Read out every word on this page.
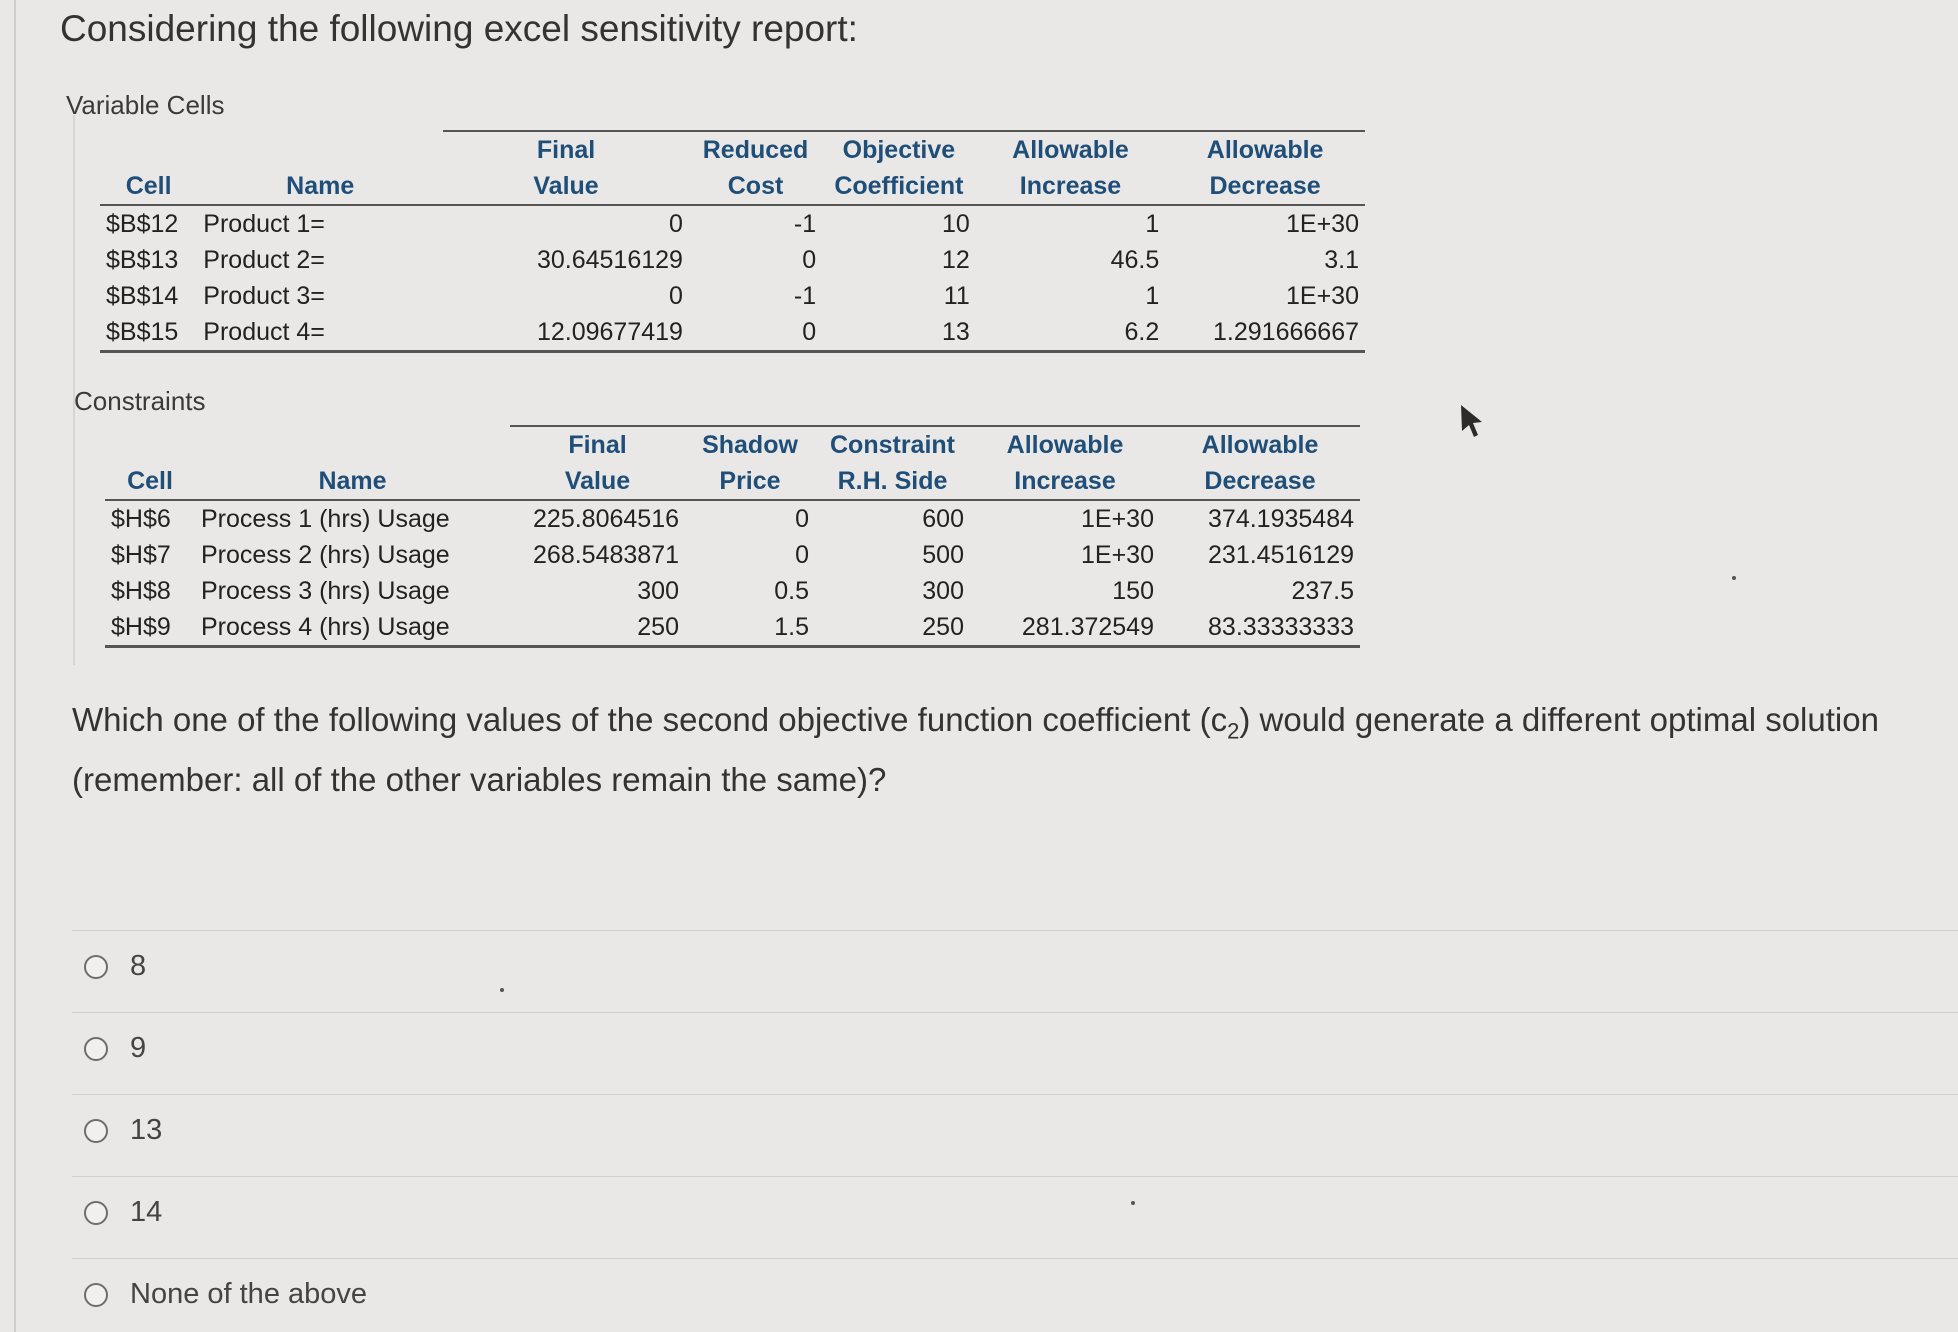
Considering the following excel sensitivity report:
Variable Cells
		Final	Reduced	Objective	Allowable	Allowable
Cell	Name	Value	Cost	Coefficient	Increase	Decrease
$B$12	Product 1=	0	-1	10	1	1E+30
$B$13	Product 2=	30.64516129	0	12	46.5	3.1
$B$14	Product 3=	0	-1	11	1	1E+30
$B$15	Product 4=	12.09677419	0	13	6.2	1.291666667
Constraints
		Final	Shadow	Constraint	Allowable	Allowable
Cell	Name	Value	Price	R.H. Side	Increase	Decrease
$H$6	Process 1 (hrs) Usage	225.8064516	0	600	1E+30	374.1935484
$H$7	Process 2 (hrs) Usage	268.5483871	0	500	1E+30	231.4516129
$H$8	Process 3 (hrs) Usage	300	0.5	300	150	237.5
$H$9	Process 4 (hrs) Usage	250	1.5	250	281.372549	83.33333333
Which one of the following values of the second objective function coefficient $(c_2)$ would generate a different optimal solution (remember: all of the other variables remain the same)?
8
9
13
14
None of the above
